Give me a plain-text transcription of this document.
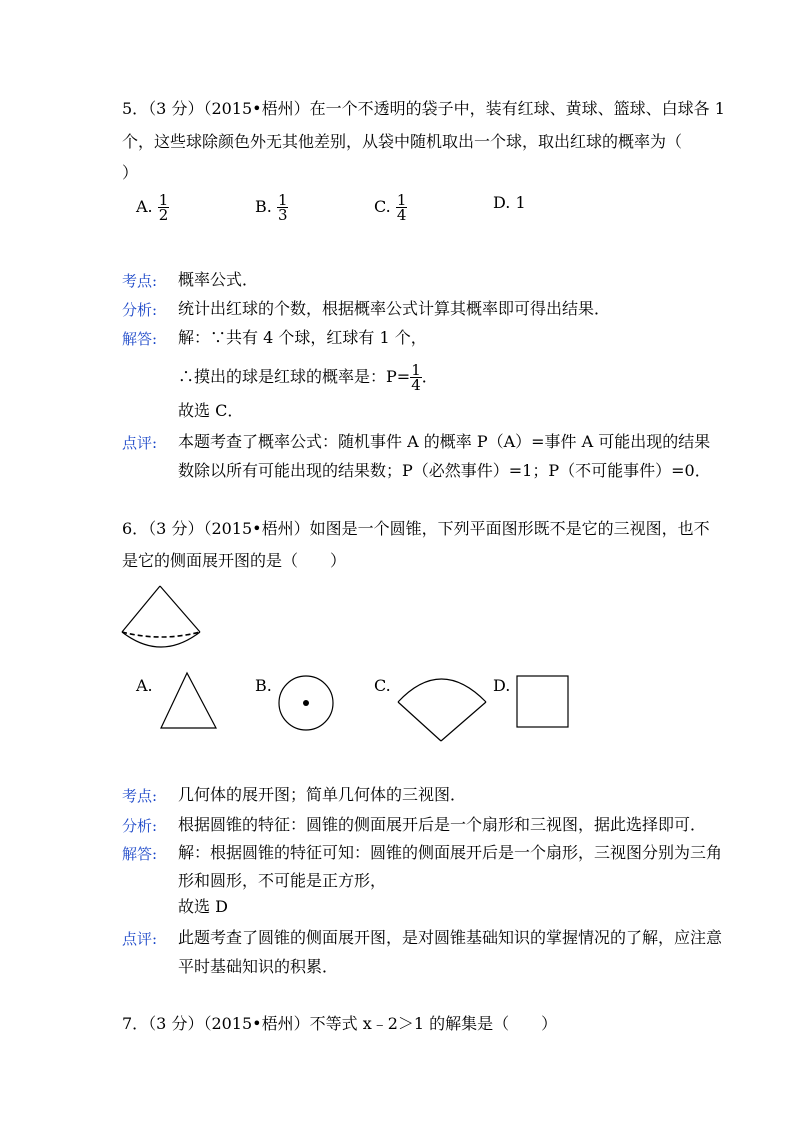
5．（3 分）（2015•梧州）在一个不透明的袋子中，装有红球、黄球、篮球、白球各 1
个，这些球除颜色外无其他差别，从袋中随机取出一个球，取出红球的概率为（
）
A. $\frac{1}{2}$	B. $\frac{1}{3}$	C. $\frac{1}{4}$	D. 1
考点: 概率公式．
分析: 统计出红球的个数，根据概率公式计算其概率即可得出结果．
解答: 解：∵共有 4 个球，红球有 1 个，
∴摸出的球是红球的概率是：$P= \frac{1}{4}$ ．
故选 C．
点评: 本题考查了概率公式：随机事件 A 的概率 P（A）=事件 A 可能出现的结果
数除以所有可能出现的结果数；P（必然事件）=1；P（不可能事件）=0．
6．（3 分）（2015•梧州）如图是一个圆锥，下列平面图形既不是它的三视图，也不
是它的侧面展开图的是（　　）
A.	B.	C.	D.
考点: 几何体的展开图；简单几何体的三视图．
分析: 根据圆锥的特征：圆锥的侧面展开后是一个扇形和三视图，据此选择即可．
解答: 解：根据圆锥的特征可知：圆锥的侧面展开后是一个扇形，三视图分别为三角
形和圆形，不可能是正方形，
故选 D
点评: 此题考查了圆锥的侧面展开图，是对圆锥基础知识的掌握情况的了解，应注意
平时基础知识的积累．
7．（3 分）（2015•梧州）不等式 x﹣2＞1 的解集是（　　）
